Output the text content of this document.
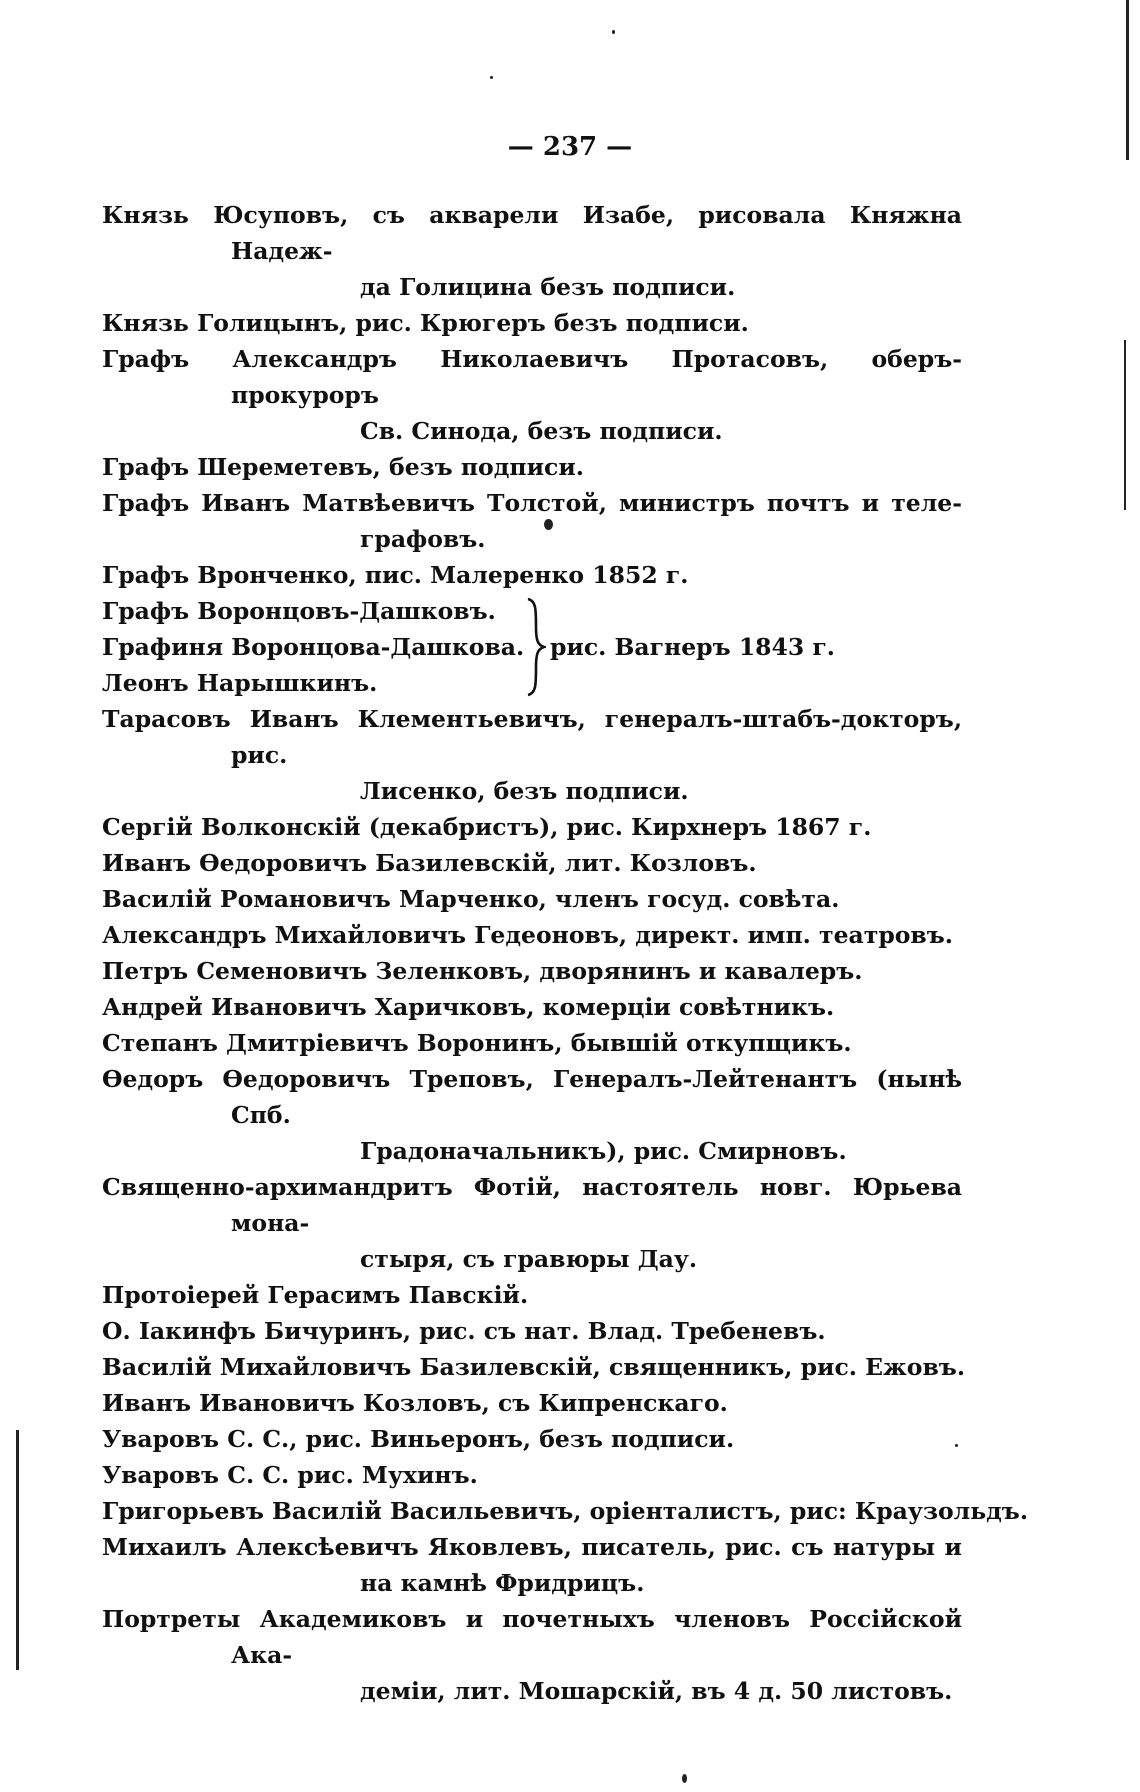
— 237 —
Князь Юсуповъ, съ акварели Изабе, рисовала Княжна Надеж-
да Голицина безъ подписи.
Князь Голицынъ, рис. Крюгеръ безъ подписи.
Графъ Александръ Николаевичъ Протасовъ, оберъ-прокуроръ
Св. Синода, безъ подписи.
Графъ Шереметевъ, безъ подписи.
Графъ Иванъ Матвѣевичъ Толстой, министръ почтъ и теле-
графовъ.
Графъ Вронченко, пис. Малеренко 1852 г.
Графъ Воронцовъ-Дашковъ.
Графиня Воронцова-Дашкова.
Леонъ Нарышкинъ.
рис. Вагнеръ 1843 г.
Тарасовъ Иванъ Клементьевичъ, генералъ-штабъ-докторъ, рис.
Лисенко, безъ подписи.
Сергій Волконскій (декабристъ), рис. Кирхнеръ 1867 г.
Иванъ Ѳедоровичъ Базилевскій, лит. Козловъ.
Василій Романовичъ Марченко, членъ госуд. совѣта.
Александръ Михайловичъ Гедеоновъ, директ. имп. театровъ.
Петръ Семеновичъ Зеленковъ, дворянинъ и кавалеръ.
Андрей Ивановичъ Харичковъ, комерціи совѣтникъ.
Степанъ Дмитріевичъ Воронинъ, бывшій откупщикъ.
Ѳедоръ Ѳедоровичъ Треповъ, Генералъ-Лейтенантъ (нынѣ Спб.
Градоначальникъ), рис. Смирновъ.
Священно-архимандритъ Фотій, настоятель новг. Юрьева мона-
стыря, съ гравюры Дау.
Протоіерей Герасимъ Павскій.
О. Іакинфъ Бичуринъ, рис. съ нат. Влад. Требеневъ.
Василій Михайловичъ Базилевскій, священникъ, рис. Ежовъ.
Иванъ Ивановичъ Козловъ, съ Кипренскаго.
Уваровъ С. С., рис. Виньеронъ, безъ подписи.
Уваровъ С. С. рис. Мухинъ.
Григорьевъ Василій Васильевичъ, оріенталистъ, рис: Краузольдъ.
Михаилъ Алексѣевичъ Яковлевъ, писатель, рис. съ натуры и
на камнѣ Фридрицъ.
Портреты Академиковъ и почетныхъ членовъ Россійской Ака-
деміи, лит. Мошарскій, въ 4 д. 50 листовъ.
